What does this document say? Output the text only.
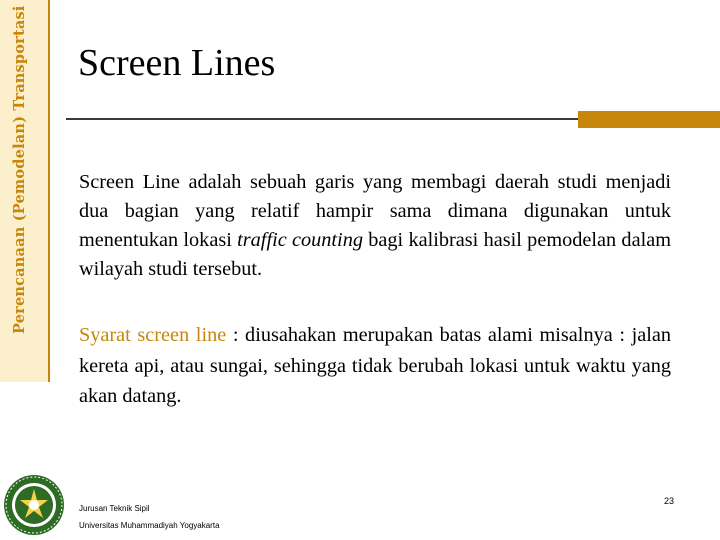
Perencanaan (Pemodelan) Transportasi Screen Lines

Screen Line adalah sebuah garis yang membagi daerah studi menjadi dua bagian yang relatif hampir sama dimana digunakan untuk menentukan lokasi traffic counting bagi kalibrasi hasil pemodelan dalam wilayah studi tersebut.

Syarat screen line : diusahakan merupakan batas alami misalnya : jalan kereta api, atau sungai, sehingga tidak berubah lokasi untuk waktu yang akan datang.

Jurusan Teknik Sipil

Universitas Muhammadiyah Yogyakarta

23
